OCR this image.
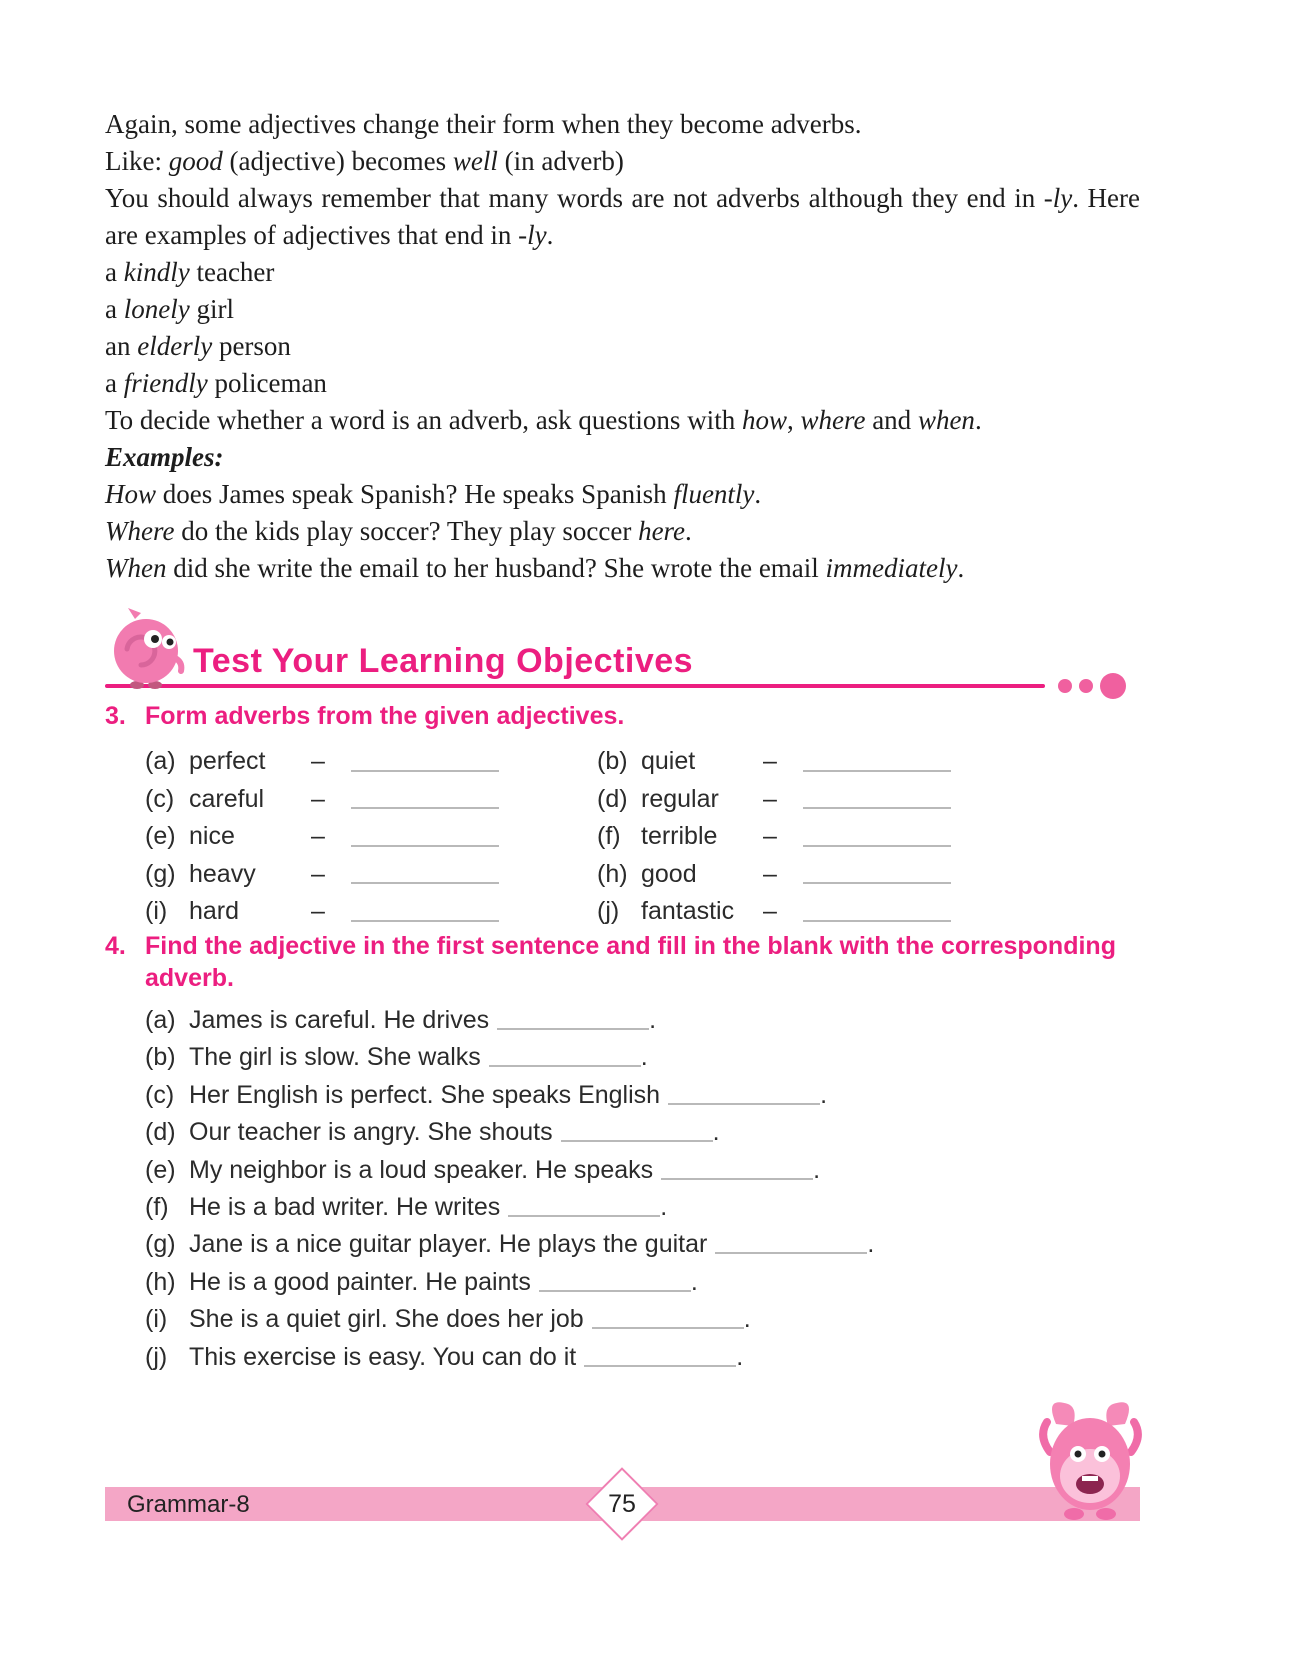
Again, some adjectives change their form when they become adverbs.

Like: good (adjective) becomes well (in adverb)

You should always remember that many words are not adverbs although they end in -ly. Here are examples of adjectives that end in -ly.

a kindly teacher

a lonely girl

an elderly person

a friendly policeman

To decide whether a word is an adverb, ask questions with how, where and when.

Examples:

How does James speak Spanish? He speaks Spanish fluently.

Where do the kids play soccer? They play soccer here.

When did she write the email to her husband? She wrote the email immediately.

Test Your Learning Objectives
3. Form adverbs from the given adjectives.
(a) perfect	–	(b) quiet	–
(c) careful	–	(d) regular	–
(e) nice	–	(f) terrible	–
(g) heavy	–	(h) good	–
(i) hard	–	(j) fantastic	–
4. Find the adjective in the first sentence and fill in the blank with the corresponding adverb.
(a) James is careful. He drives	.
(b) The girl is slow. She walks	.
(c) Her English is perfect. She speaks English	.
(d) Our teacher is angry. She shouts	.
(e) My neighbor is a loud speaker. He speaks	.
(f) He is a bad writer. He writes	.
(g) Jane is a nice guitar player. He plays the guitar	.
(h) He is a good painter. He paints	.
(i) She is a quiet girl. She does her job	.
(j) This exercise is easy. You can do it	.
Grammar-8	75
